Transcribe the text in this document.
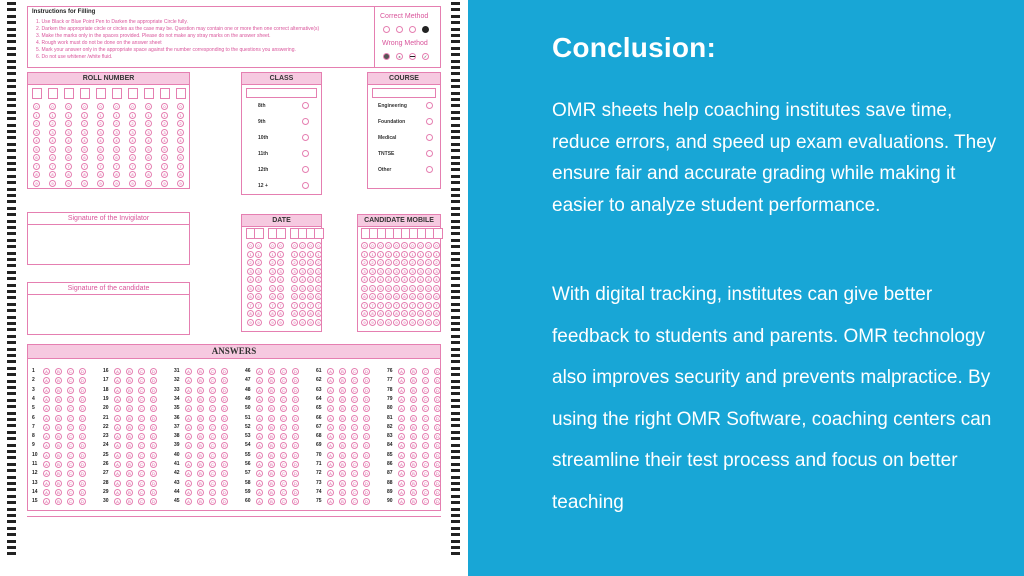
Instructions for Filling
1. Use Black or Blue Point Pen to Darken the appropriate Circle fully.
2. Darken the appropriate circle or circles as the case may be. Question may contain one or more then one correct alternative(s)
3. Make the marks only in the spaces provided. Please do not make any stray marks on the answer sheet.
4. Rough work must do not be done on the answer sheet
5. Mark your answer only in the appropriate space against the number corresponding to the questions you answering.
6. Do not use whitener /white fluid.
Correct Method
Wrong Method
x	✓
ROLL NUMBER
0
1
2
3
4
5
6
7
8
9
0
1
2
3
4
5
6
7
8
9
0
1
2
3
4
5
6
7
8
9
0
1
2
3
4
5
6
7
8
9
0
1
2
3
4
5
6
7
8
9
0
1
2
3
4
5
6
7
8
9
0
1
2
3
4
5
6
7
8
9
0
1
2
3
4
5
6
7
8
9
0
1
2
3
4
5
6
7
8
9
0
1
2
3
4
5
6
7
8
9
CLASS
8th
9th
10th
11th
12th
12 +
COURSE
Engineering
Foundation
Medical
TNTSE
Other
Signature of the Invigilator
Signature of the candidate
DATE
0
1
2
3
4
5
6
7
8
9
0
1
2
3
4
5
6
7
8
9
0
1
2
3
4
5
6
7
8
9
0
1
2
3
4
5
6
7
8
9
0
1
2
3
4
5
6
7
8
9
0
1
2
3
4
5
6
7
8
9
0
1
2
3
4
5
6
7
8
9
0
1
2
3
4
5
6
7
8
9
CANDIDATE MOBILE
0
1
2
3
4
5
6
7
8
9
0
1
2
3
4
5
6
7
8
9
0
1
2
3
4
5
6
7
8
9
0
1
2
3
4
5
6
7
8
9
0
1
2
3
4
5
6
7
8
9
0
1
2
3
4
5
6
7
8
9
0
1
2
3
4
5
6
7
8
9
0
1
2
3
4
5
6
7
8
9
0
1
2
3
4
5
6
7
8
9
0
1
2
3
4
5
6
7
8
9
ANSWERS
1	A	B	C	D
2	A	B	C	D
3	A	B	C	D
4	A	B	C	D
5	A	B	C	D
6	A	B	C	D
7	A	B	C	D
8	A	B	C	D
9	A	B	C	D
10	A	B	C	D
11	A	B	C	D
12	A	B	C	D
13	A	B	C	D
14	A	B	C	D
15	A	B	C	D
16	A	B	C	D
17	A	B	C	D
18	A	B	C	D
19	A	B	C	D
20	A	B	C	D
21	A	B	C	D
22	A	B	C	D
23	A	B	C	D
24	A	B	C	D
25	A	B	C	D
26	A	B	C	D
27	A	B	C	D
28	A	B	C	D
29	A	B	C	D
30	A	B	C	D
31	A	B	C	D
32	A	B	C	D
33	A	B	C	D
34	A	B	C	D
35	A	B	C	D
36	A	B	C	D
37	A	B	C	D
38	A	B	C	D
39	A	B	C	D
40	A	B	C	D
41	A	B	C	D
42	A	B	C	D
43	A	B	C	D
44	A	B	C	D
45	A	B	C	D
46	A	B	C	D
47	A	B	C	D
48	A	B	C	D
49	A	B	C	D
50	A	B	C	D
51	A	B	C	D
52	A	B	C	D
53	A	B	C	D
54	A	B	C	D
55	A	B	C	D
56	A	B	C	D
57	A	B	C	D
58	A	B	C	D
59	A	B	C	D
60	A	B	C	D
61	A	B	C	D
62	A	B	C	D
63	A	B	C	D
64	A	B	C	D
65	A	B	C	D
66	A	B	C	D
67	A	B	C	D
68	A	B	C	D
69	A	B	C	D
70	A	B	C	D
71	A	B	C	D
72	A	B	C	D
73	A	B	C	D
74	A	B	C	D
75	A	B	C	D
76	A	B	C	D
77	A	B	C	D
78	A	B	C	D
79	A	B	C	D
80	A	B	C	D
81	A	B	C	D
82	A	B	C	D
83	A	B	C	D
84	A	B	C	D
85	A	B	C	D
86	A	B	C	D
87	A	B	C	D
88	A	B	C	D
89	A	B	C	D
90	A	B	C	D
Conclusion:

OMR sheets help coaching institutes save time, reduce errors, and speed up exam evaluations. They ensure fair and accurate grading while making it easier to analyze student performance.

With digital tracking, institutes can give better feedback to students and parents. OMR technology also improves security and prevents malpractice. By using the right OMR Software, coaching centers can streamline their test process and focus on better teaching
